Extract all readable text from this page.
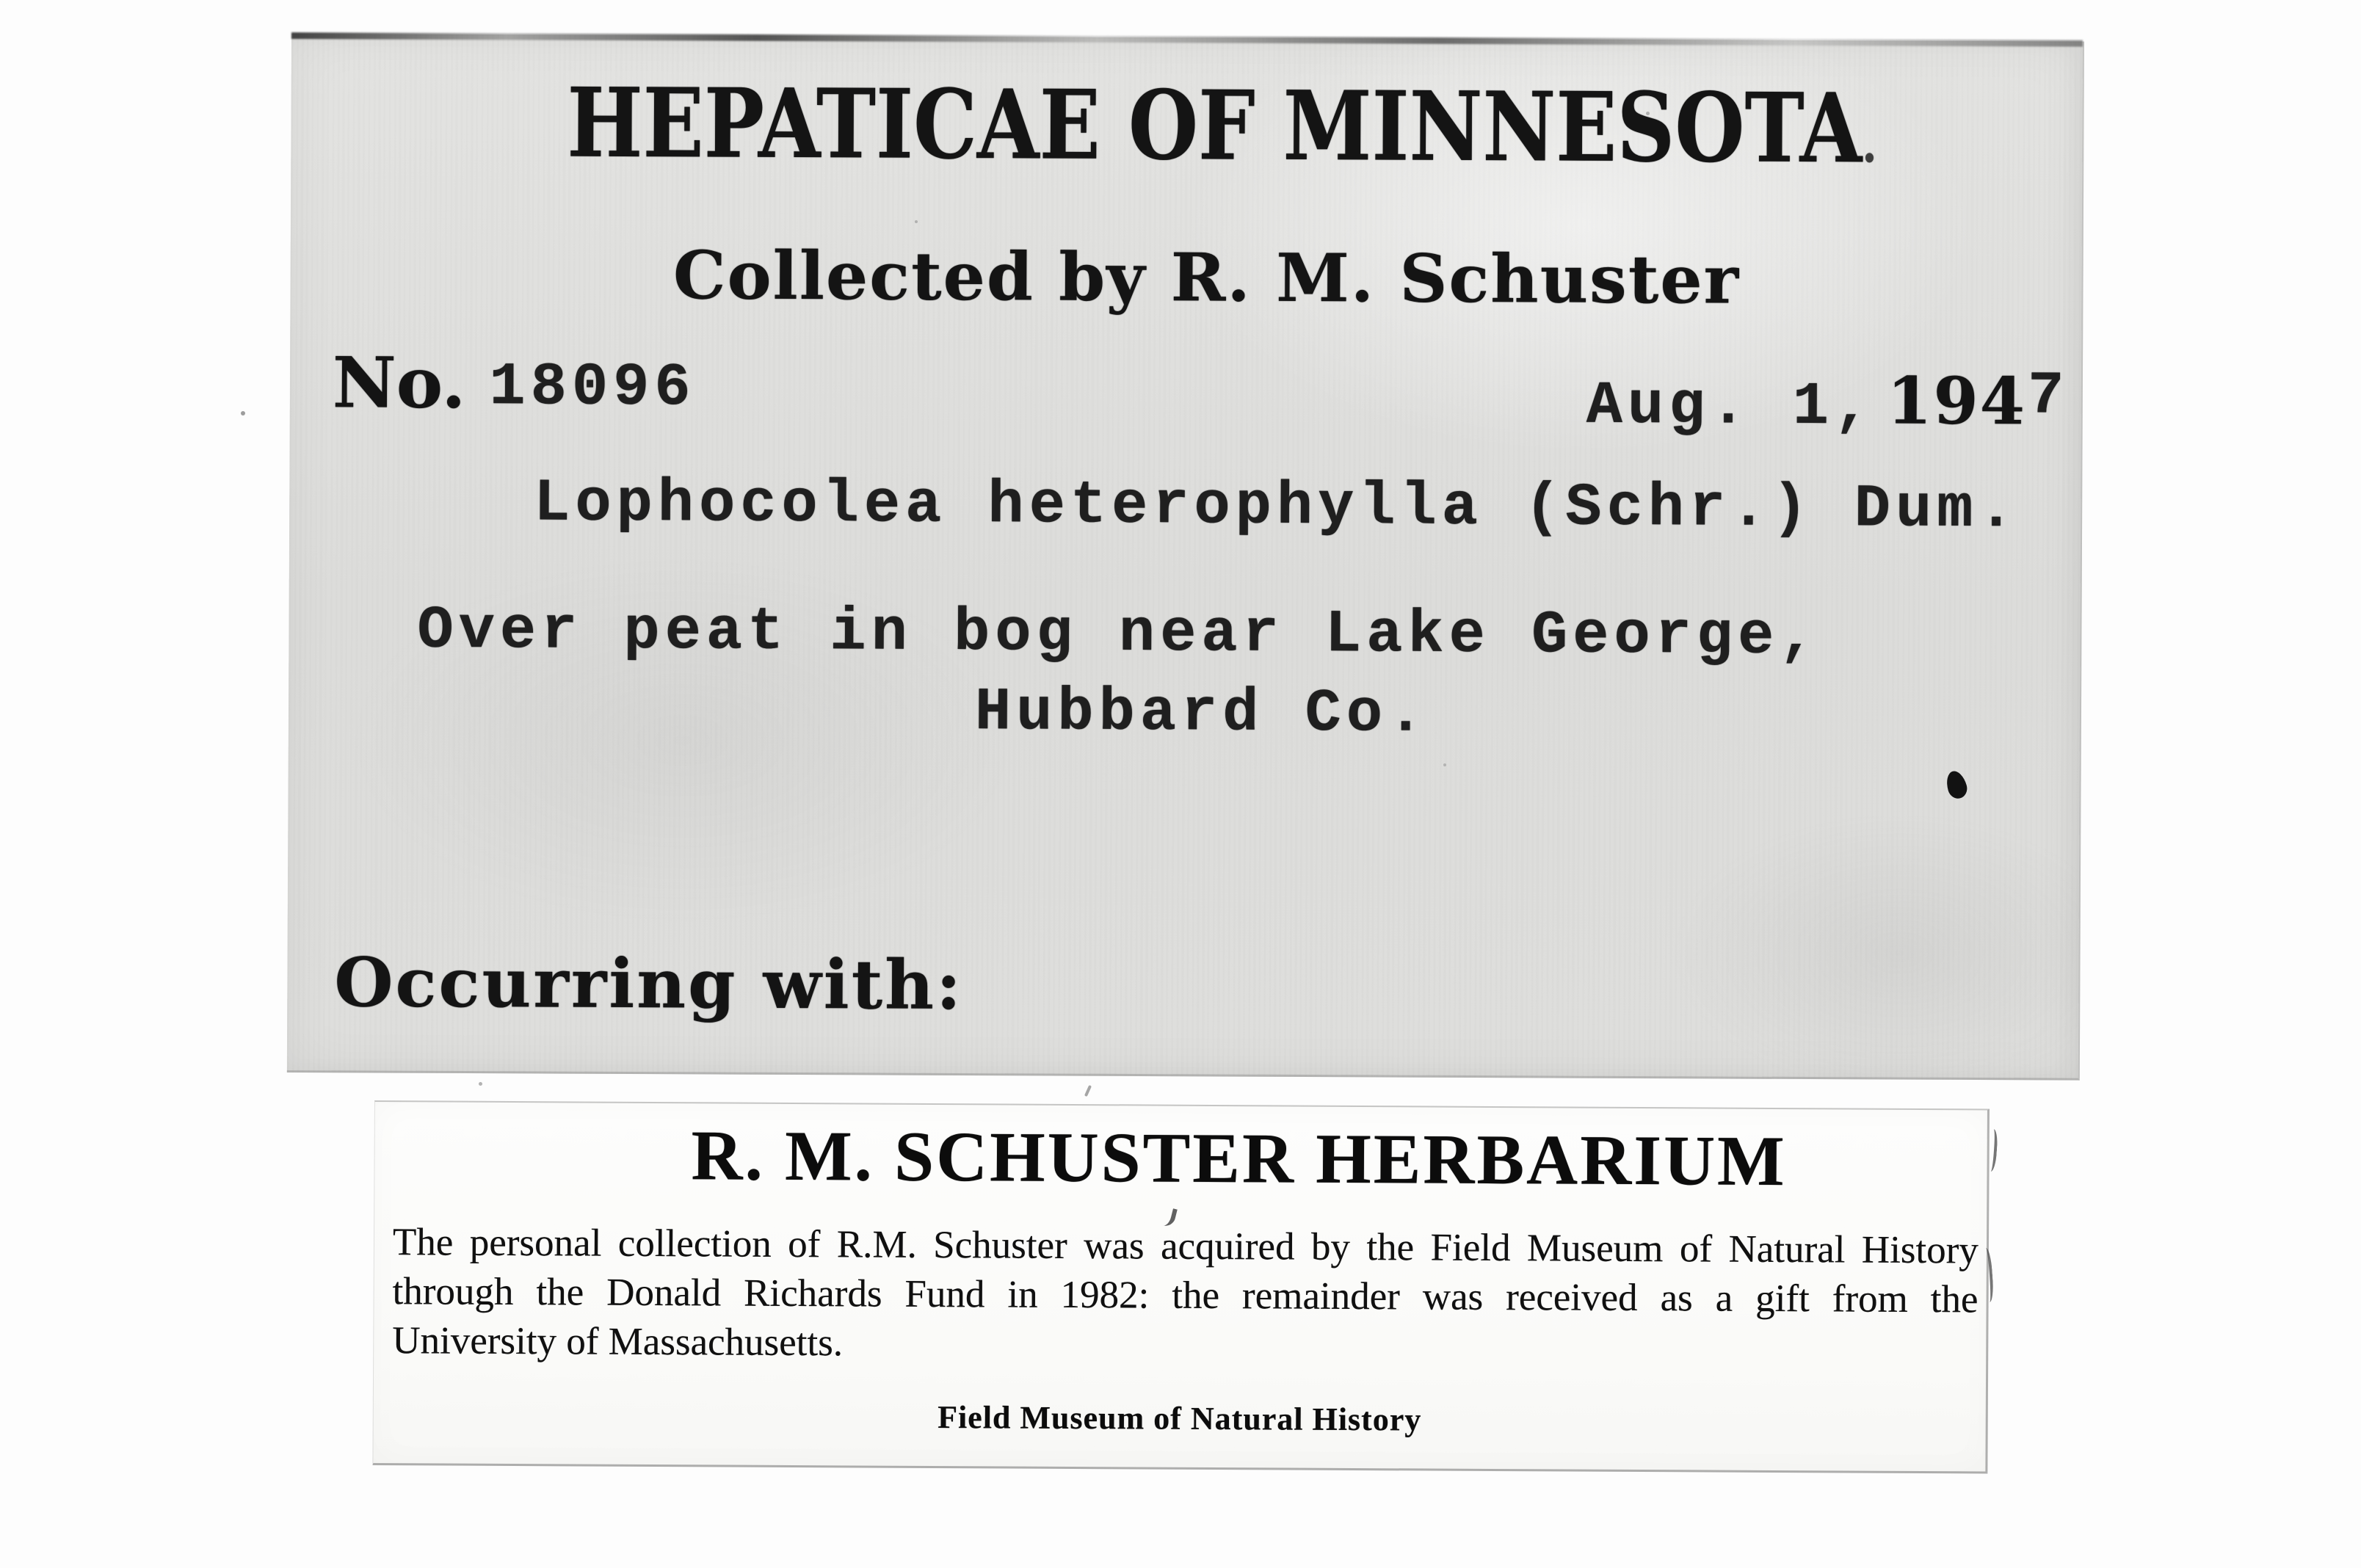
HEPATICAE OF MINNESOTA.
Collected by R. M. Schuster
No. 18096	Aug. 1, 1947
Lophocolea heterophylla (Schr.) Dum.
Over peat in bog near Lake George,
Hubbard Co.
Occurring with:
R. M. SCHUSTER HERBARIUM
The personal collection of R.M. Schuster was acquired by the Field Museum of Natural History
through the Donald Richards Fund in 1982: the remainder was received as a gift from the
University of Massachusetts.
Field Museum of Natural History
